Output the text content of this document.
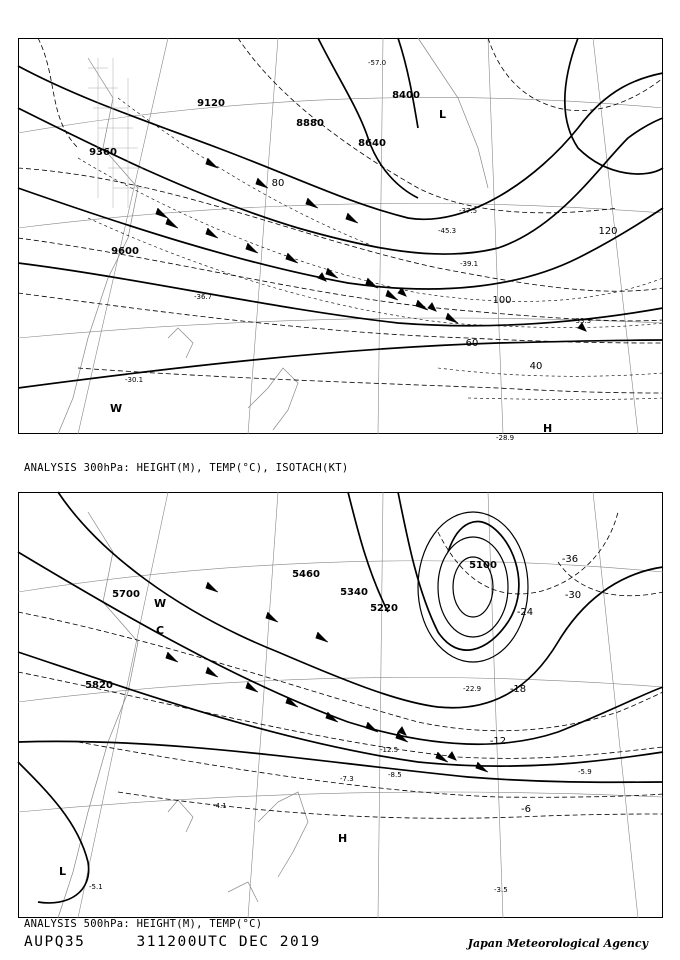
9360
9600
8880
8640
8400
9120
40
60
80
100
120
H
L
W
-37.5
-39.1
-33.3
-28.9
-30.1
-45.3
-36.7
-57.0
ANALYSIS 300hPa: HEIGHT(M), TEMP(°C), ISOTACH(KT)
5100
5700
5820
5340
5220
5460
-6
-12
-18
-24
-30
-36
H
L
W
C
-8.5	-5.9
-3.5
-4.1
-5.1
-7.3
-12.5
-22.9
ANALYSIS 500hPa: HEIGHT(M), TEMP(°C)
AUPQ35	311200UTC DEC 2019	Japan Meteorological Agency
